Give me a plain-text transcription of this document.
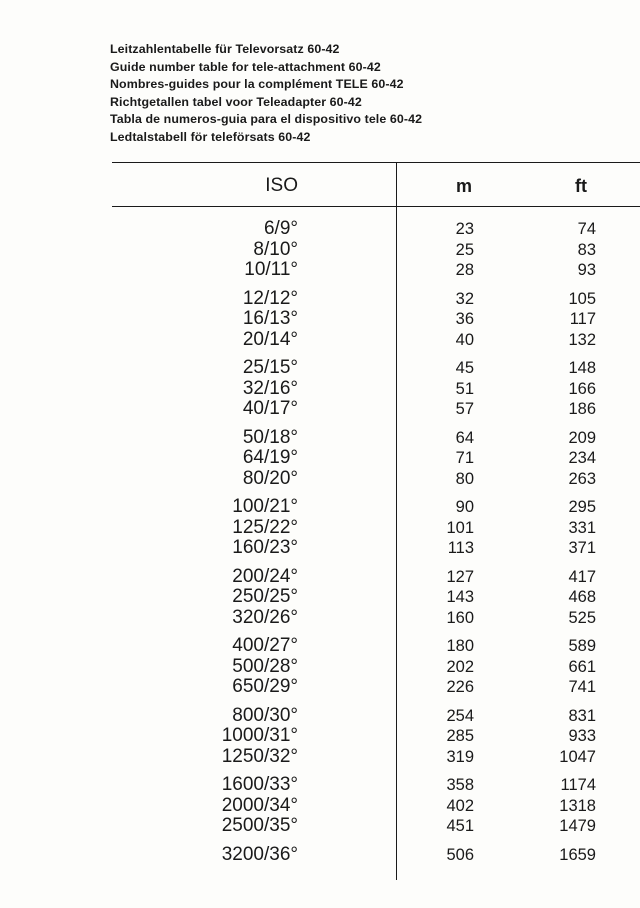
Leitzahlentabelle für Televorsatz 60-42
Guide number table for tele-attachment 60-42
Nombres-guides pour la complément TELE 60-42
Richtgetallen tabel voor Teleadapter 60-42
Tabla de numeros-guia para el dispositivo tele 60-42
Ledtalstabell för teleförsats 60-42
ISO	m	ft
6/9°	23	74
8/10°	25	83
10/11°	28	93
12/12°	32	105
16/13°	36	117
20/14°	40	132
25/15°	45	148
32/16°	51	166
40/17°	57	186
50/18°	64	209
64/19°	71	234
80/20°	80	263
100/21°	90	295
125/22°	101	331
160/23°	113	371
200/24°	127	417
250/25°	143	468
320/26°	160	525
400/27°	180	589
500/28°	202	661
650/29°	226	741
800/30°	254	831
1000/31°	285	933
1250/32°	319	1047
1600/33°	358	1174
2000/34°	402	1318
2500/35°	451	1479
3200/36°	506	1659
